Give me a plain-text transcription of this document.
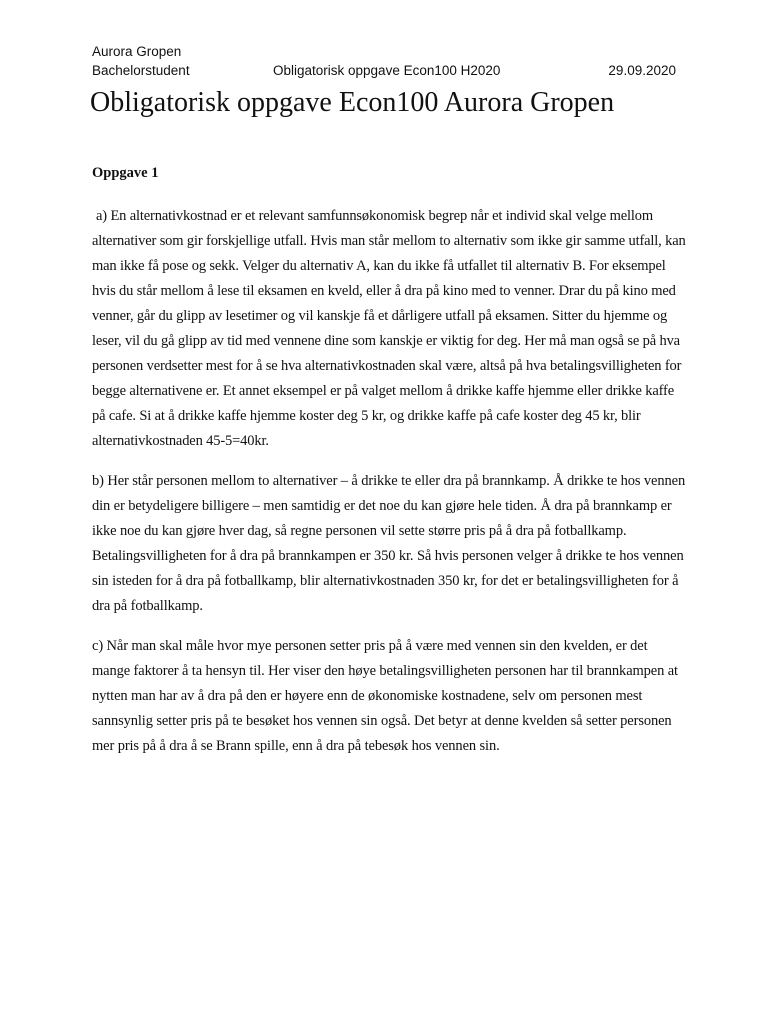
Aurora Gropen
Bachelorstudent	Obligatorisk oppgave Econ100 H2020	29.09.2020
Obligatorisk oppgave Econ100 Aurora Gropen
Oppgave 1

a) En alternativkostnad er et relevant samfunnsøkonomisk begrep når et individ skal velge mellom alternativer som gir forskjellige utfall. Hvis man står mellom to alternativ som ikke gir samme utfall, kan man ikke få pose og sekk. Velger du alternativ A, kan du ikke få utfallet til alternativ B. For eksempel hvis du står mellom å lese til eksamen en kveld, eller å dra på kino med to venner. Drar du på kino med venner, går du glipp av lesetimer og vil kanskje få et dårligere utfall på eksamen. Sitter du hjemme og leser, vil du gå glipp av tid med vennene dine som kanskje er viktig for deg. Her må man også se på hva personen verdsetter mest for å se hva alternativkostnaden skal være, altså på hva betalingsvilligheten for begge alternativene er. Et annet eksempel er på valget mellom å drikke kaffe hjemme eller drikke kaffe på cafe. Si at å drikke kaffe hjemme koster deg 5 kr, og drikke kaffe på cafe koster deg 45 kr, blir alternativkostnaden 45-5=40kr.

b) Her står personen mellom to alternativer – å drikke te eller dra på brannkamp. Å drikke te hos vennen din er betydeligere billigere – men samtidig er det noe du kan gjøre hele tiden. Å dra på brannkamp er ikke noe du kan gjøre hver dag, så regne personen vil sette større pris på å dra på fotballkamp. Betalingsvilligheten for å dra på brannkampen er 350 kr. Så hvis personen velger å drikke te hos vennen sin isteden for å dra på fotballkamp, blir alternativkostnaden 350 kr, for det er betalingsvilligheten for å dra på fotballkamp.

c) Når man skal måle hvor mye personen setter pris på å være med vennen sin den kvelden, er det mange faktorer å ta hensyn til. Her viser den høye betalingsvilligheten personen har til brannkampen at nytten man har av å dra på den er høyere enn de økonomiske kostnadene, selv om personen mest sannsynlig setter pris på te besøket hos vennen sin også. Det betyr at denne kvelden så setter personen mer pris på å dra å se Brann spille, enn å dra på tebesøk hos vennen sin.
